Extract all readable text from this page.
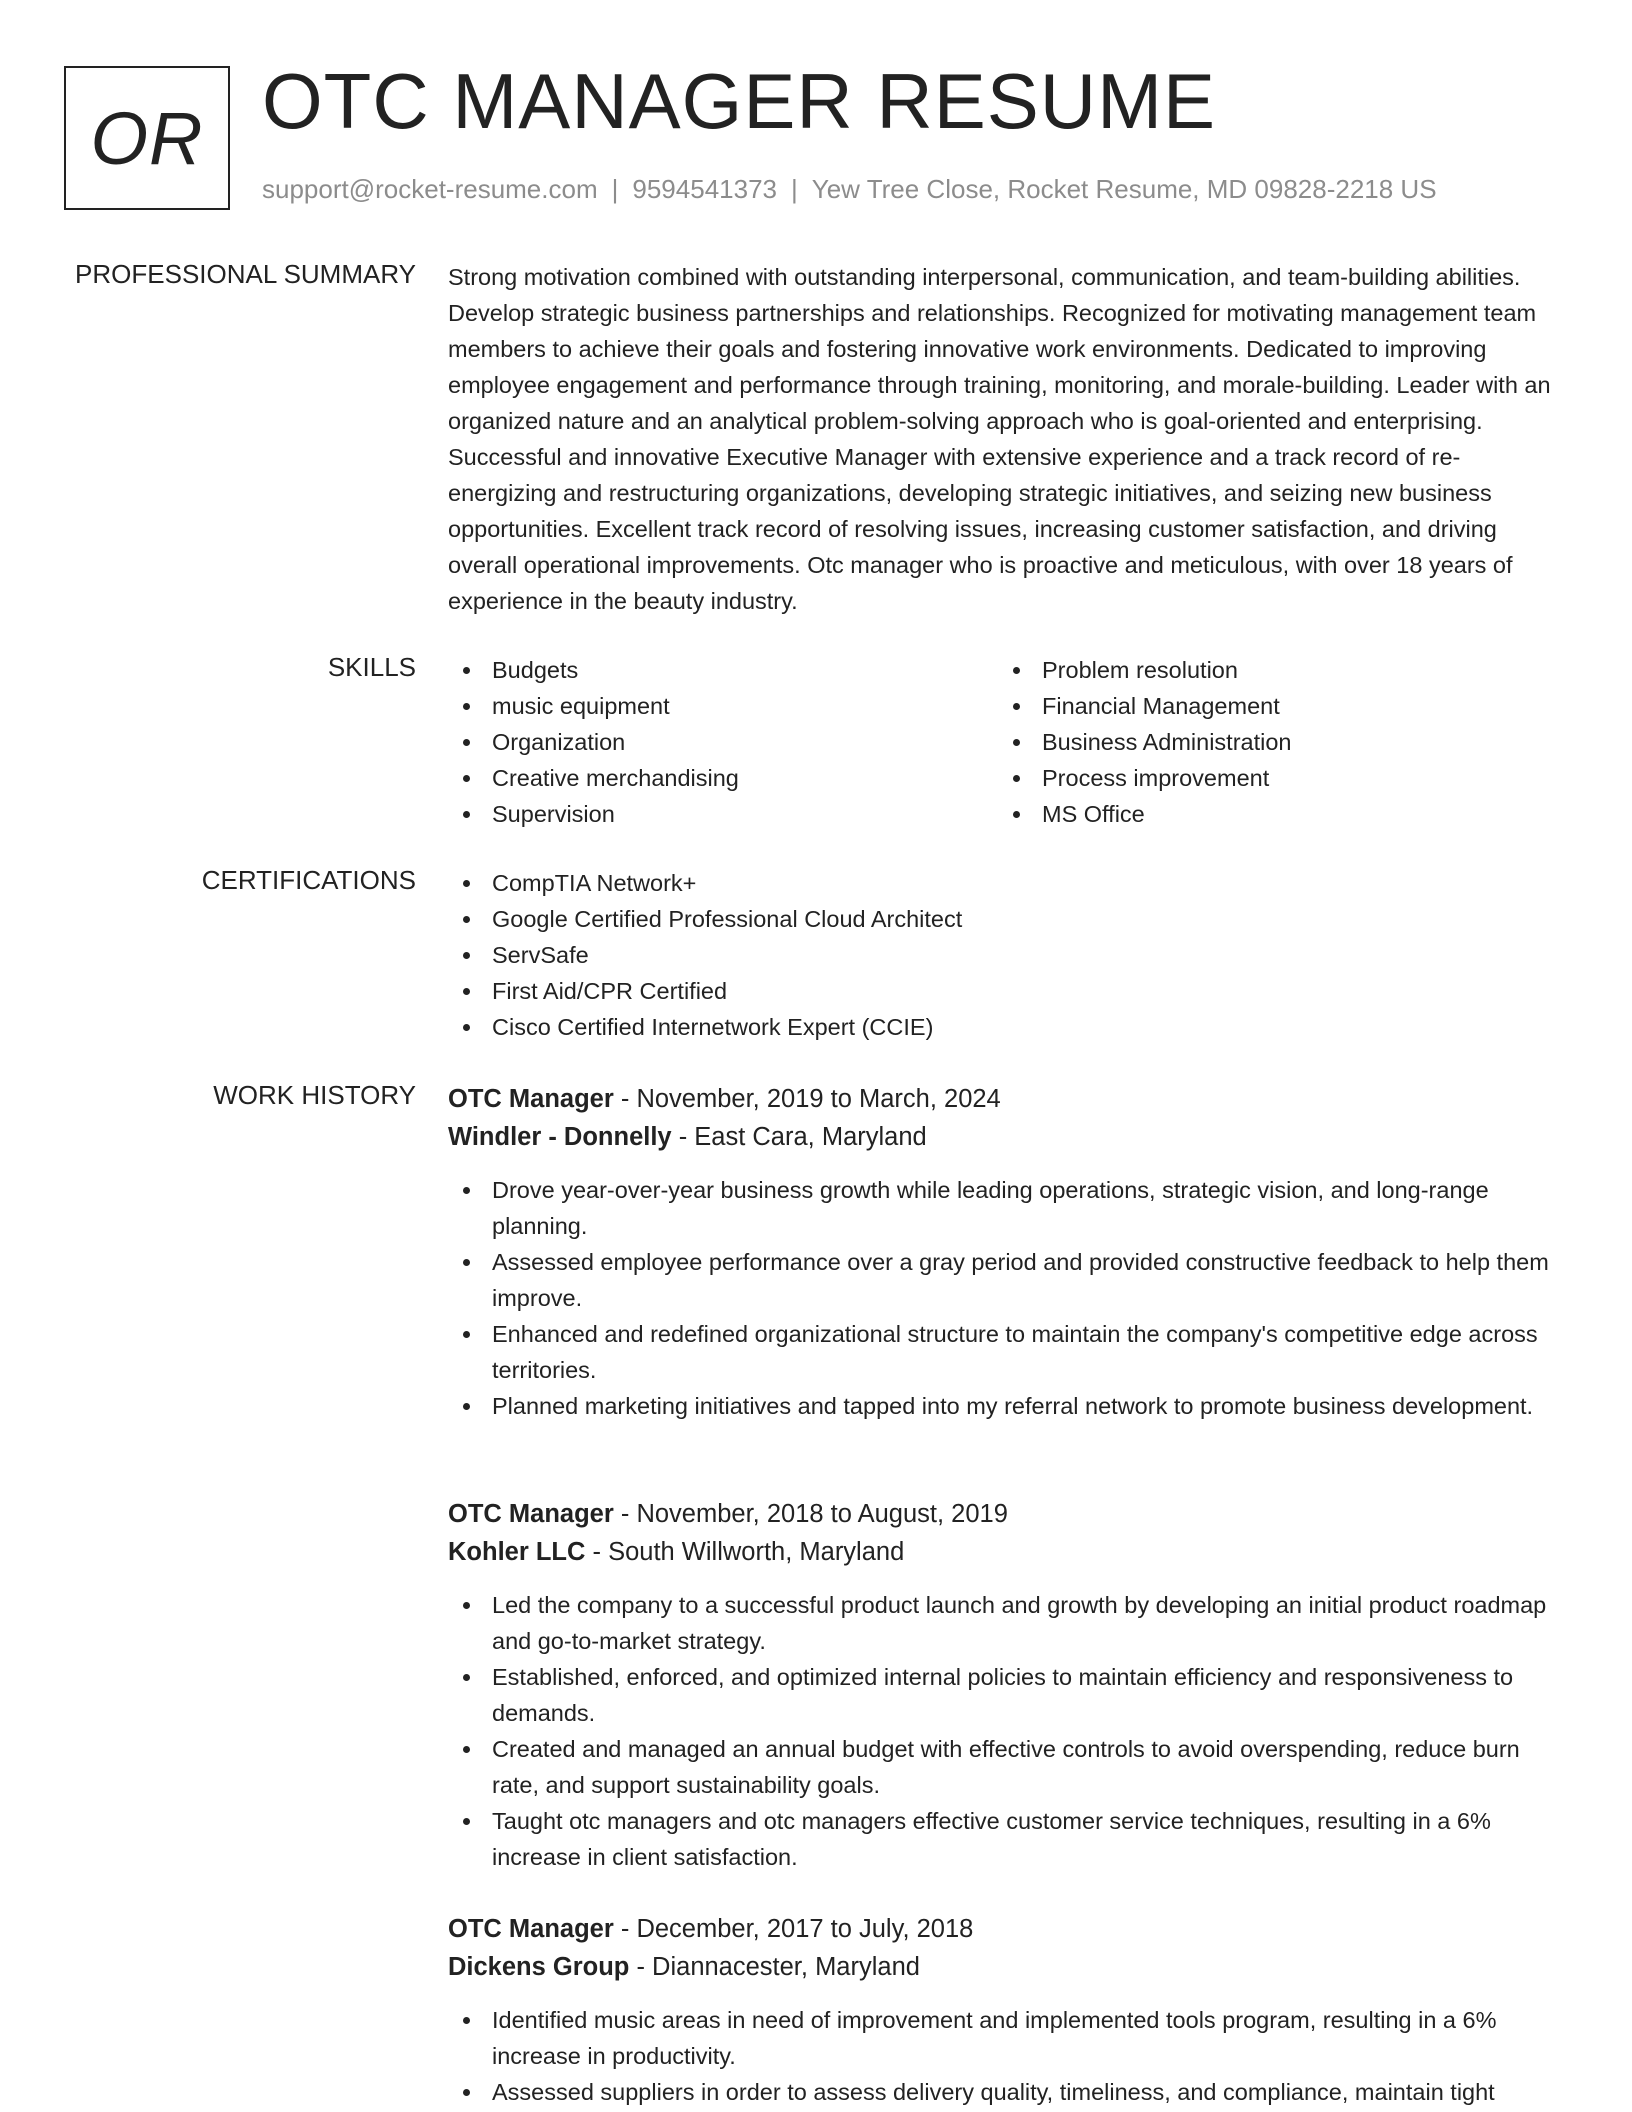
OR OTC MANAGER RESUME
support@rocket-resume.com | 9594541373 | Yew Tree Close, Rocket Resume, MD 09828-2218 US
PROFESSIONAL SUMMARY Strong motivation combined with outstanding interpersonal, communication, and team-building abilities. Develop strategic business partnerships and relationships. Recognized for motivating management team members to achieve their goals and fostering innovative work environments. Dedicated to improving employee engagement and performance through training, monitoring, and morale-building. Leader with an organized nature and an analytical problem-solving approach who is goal-oriented and enterprising. Successful and innovative Executive Manager with extensive experience and a track record of re-energizing and restructuring organizations, developing strategic initiatives, and seizing new business opportunities. Excellent track record of resolving issues, increasing customer satisfaction, and driving overall operational improvements. Otc manager who is proactive and meticulous, with over 18 years of experience in the beauty industry.

SKILLS	Budgets
music equipment
Organization
Creative merchandising
Supervision
Problem resolution
Financial Management
Business Administration
Process improvement
MS Office
CERTIFICATIONS	CompTIA Network+
Google Certified Professional Cloud Architect
ServSafe
First Aid/CPR Certified
Cisco Certified Internetwork Expert (CCIE)
WORK HISTORY OTC Manager - November, 2019 to March, 2024
Windler - Donnelly - East Cara, Maryland
Drove year-over-year business growth while leading operations, strategic vision, and long-range planning.
Assessed employee performance over a gray period and provided constructive feedback to help them improve.
Enhanced and redefined organizational structure to maintain the company's competitive edge across territories.
Planned marketing initiatives and tapped into my referral network to promote business development.
OTC Manager - November, 2018 to August, 2019
Kohler LLC - South Willworth, Maryland
Led the company to a successful product launch and growth by developing an initial product roadmap and go-to-market strategy.
Established, enforced, and optimized internal policies to maintain efficiency and responsiveness to demands.
Created and managed an annual budget with effective controls to avoid overspending, reduce burn rate, and support sustainability goals.
Taught otc managers and otc managers effective customer service techniques, resulting in a 6% increase in client satisfaction.
OTC Manager - December, 2017 to July, 2018
Dickens Group - Diannacester, Maryland
Identified music areas in need of improvement and implemented tools program, resulting in a 6% increase in productivity.
Assessed suppliers in order to assess delivery quality, timeliness, and compliance, maintain tight
